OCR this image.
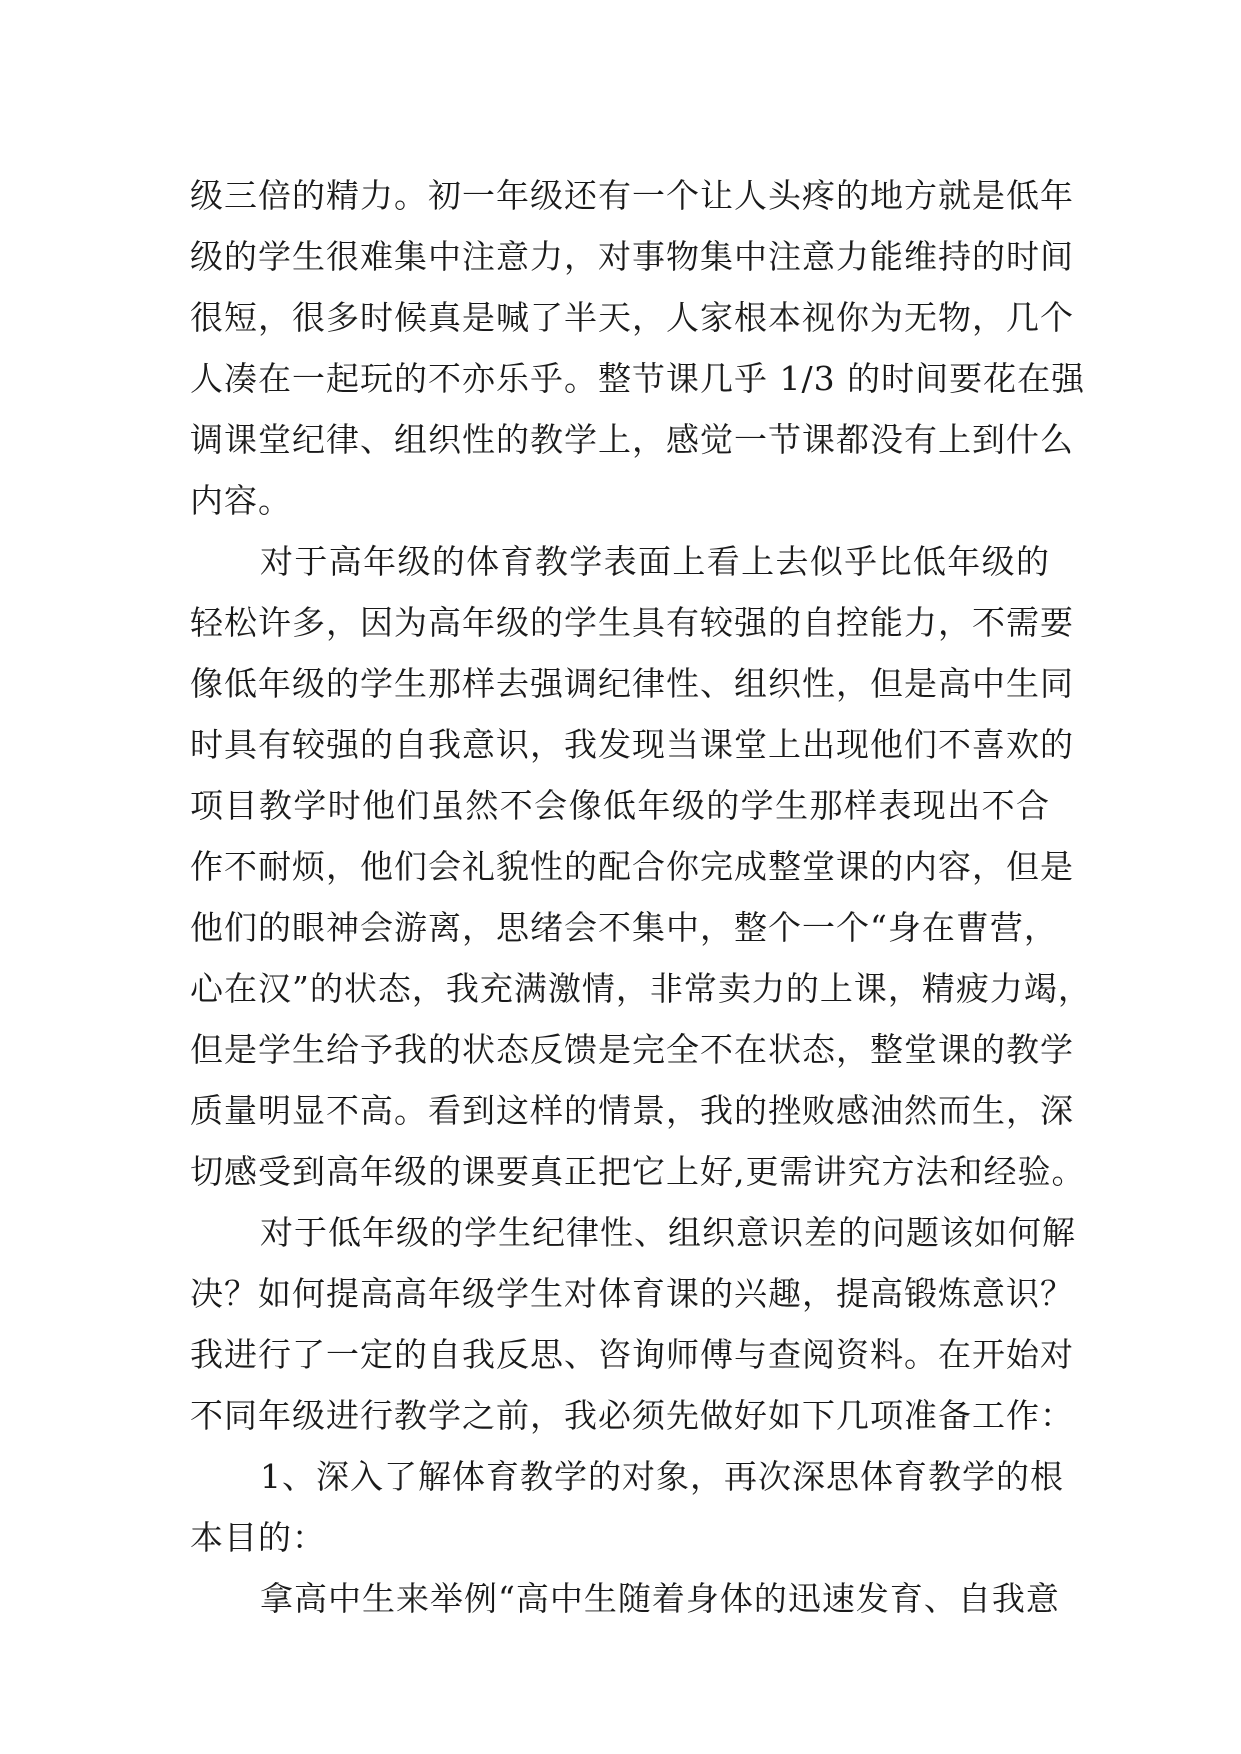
级三倍的精力。初一年级还有一个让人头疼的地方就是低年
级的学生很难集中注意力，对事物集中注意力能维持的时间
很短，很多时候真是喊了半天，人家根本视你为无物，几个
人凑在一起玩的不亦乐乎。整节课几乎 1/3 的时间要花在强
调课堂纪律、组织性的教学上，感觉一节课都没有上到什么
内容。
对于高年级的体育教学表面上看上去似乎比低年级的
轻松许多，因为高年级的学生具有较强的自控能力，不需要
像低年级的学生那样去强调纪律性、组织性，但是高中生同
时具有较强的自我意识，我发现当课堂上出现他们不喜欢的
项目教学时他们虽然不会像低年级的学生那样表现出不合
作不耐烦，他们会礼貌性的配合你完成整堂课的内容，但是
他们的眼神会游离，思绪会不集中，整个一个“身在曹营，
心在汉”的状态，我充满激情，非常卖力的上课，精疲力竭，
但是学生给予我的状态反馈是完全不在状态，整堂课的教学
质量明显不高。看到这样的情景，我的挫败感油然而生，深
切感受到高年级的课要真正把它上好,更需讲究方法和经验。
对于低年级的学生纪律性、组织意识差的问题该如何解
决？如何提高高年级学生对体育课的兴趣，提高锻炼意识？
我进行了一定的自我反思、咨询师傅与查阅资料。在开始对
不同年级进行教学之前，我必须先做好如下几项准备工作：
1、深入了解体育教学的对象，再次深思体育教学的根
本目的：
拿高中生来举例“高中生随着身体的迅速发育、自我意
